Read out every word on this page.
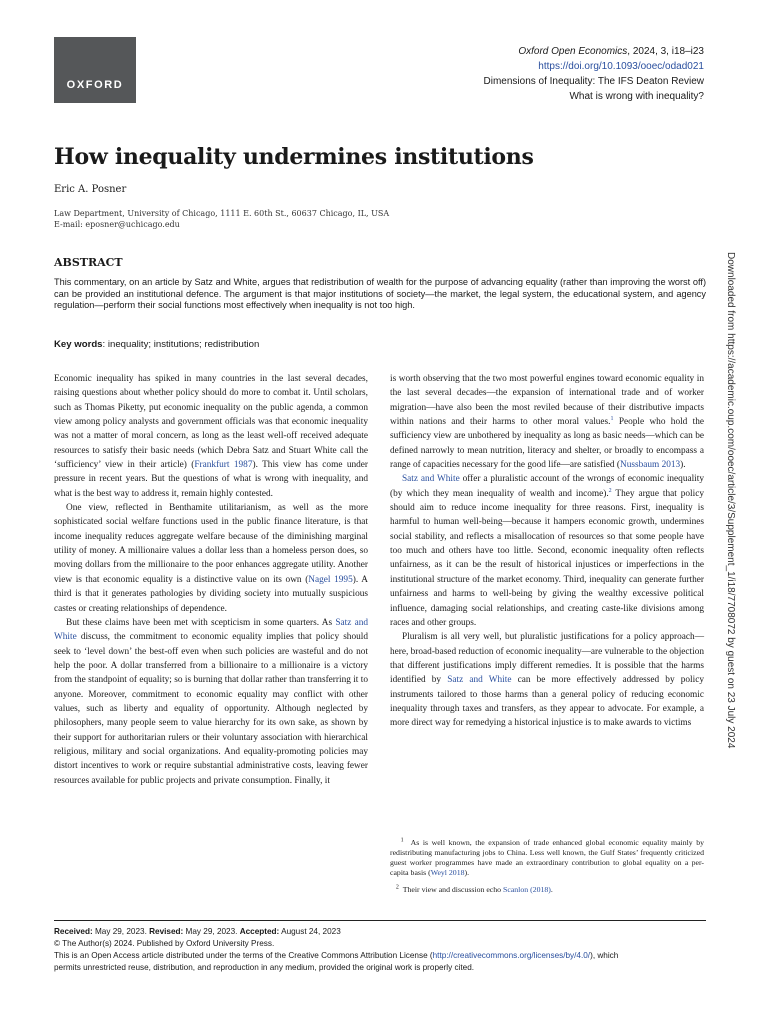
OXFORD
Oxford Open Economics, 2024, 3, i18–i23
https://doi.org/10.1093/ooec/odad021
Dimensions of Inequality: The IFS Deaton Review
What is wrong with inequality?
How inequality undermines institutions
Eric A. Posner
Law Department, University of Chicago, 1111 E. 60th St., 60637 Chicago, IL, USA
E-mail: eposner@uchicago.edu
ABSTRACT

This commentary, on an article by Satz and White, argues that redistribution of wealth for the purpose of advancing equality (rather than improving the worst off) can be provided an institutional defence. The argument is that major institutions of society—the market, the legal system, the educational system, and agency regulation—perform their social functions most effectively when inequality is not too high.

Key words: inequality; institutions; redistribution

Economic inequality has spiked in many countries in the last several decades, raising questions about whether policy should do more to combat it. Until scholars, such as Thomas Piketty, put economic inequality on the public agenda, a common view among policy analysts and government officials was that economic inequality was not a matter of moral concern, as long as the least well-off received adequate resources to satisfy their basic needs (which Debra Satz and Stuart White call the ‘sufficiency’ view in their article) (Frankfurt 1987). This view has come under pressure in recent years. But the questions of what is wrong with inequality, and what is the best way to address it, remain highly contested.

One view, reflected in Benthamite utilitarianism, as well as the more sophisticated social welfare functions used in the public finance literature, is that income inequality reduces aggregate welfare because of the diminishing marginal utility of money. A millionaire values a dollar less than a homeless person does, so moving dollars from the millionaire to the poor enhances aggregate utility. Another view is that economic equality is a distinctive value on its own (Nagel 1995). A third is that it generates pathologies by dividing society into mutually suspicious castes or creating relationships of dependence.

But these claims have been met with scepticism in some quarters. As Satz and White discuss, the commitment to economic equality implies that policy should seek to ‘level down’ the best-off even when such policies are wasteful and do not help the poor. A dollar transferred from a billionaire to a millionaire is a victory from the standpoint of equality; so is burning that dollar rather than transferring it to anyone. Moreover, commitment to economic equality may conflict with other values, such as liberty and equality of opportunity. Although neglected by philosophers, many people seem to value hierarchy for its own sake, as shown by their support for authoritarian rulers or their voluntary association with hierarchical religious, military and social organizations. And equality-promoting policies may distort incentives to work or require substantial administrative costs, leaving fewer resources available for public projects and private consumption. Finally, it

is worth observing that the two most powerful engines toward economic equality in the last several decades—the expansion of international trade and of worker migration—have also been the most reviled because of their distributive impacts within nations and their harms to other moral values.$^1$ People who hold the sufficiency view are unbothered by inequality as long as basic needs—which can be defined narrowly to mean nutrition, literacy and shelter, or broadly to encompass a range of capacities necessary for the good life—are satisfied (Nussbaum 2013).

Satz and White offer a pluralistic account of the wrongs of economic inequality (by which they mean inequality of wealth and income).$^2$ They argue that policy should aim to reduce income inequality for three reasons. First, inequality is harmful to human well-being—because it hampers economic growth, undermines social stability, and reflects a misallocation of resources so that some people have too much and others have too little. Second, economic inequality often reflects unfairness, as it can be the result of historical injustices or imperfections in the institutional structure of the market economy. Third, inequality can generate further unfairness and harms to well-being by giving the wealthy excessive political influence, damaging social relationships, and creating caste-like divisions among races and other groups.

Pluralism is all very well, but pluralistic justifications for a policy approach—here, broad-based reduction of economic inequality—are vulnerable to the objection that different justifications imply different remedies. It is possible that the harms identified by Satz and White can be more effectively addressed by policy instruments tailored to those harms than a general policy of reducing economic inequality through taxes and transfers, as they appear to advocate. For example, a more direct way for remedying a historical injustice is to make awards to victims

$^1$ As is well known, the expansion of trade enhanced global economic equality mainly by redistributing manufacturing jobs to China. Less well known, the Gulf States’ frequently criticized guest worker programmes have made an extraordinary contribution to global equality on a per-capita basis (Weyl 2018).

$^2$ Their view and discussion echo Scanlon (2018).

Received: May 29, 2023. Revised: May 29, 2023. Accepted: August 24, 2023

© The Author(s) 2024. Published by Oxford University Press.

This is an Open Access article distributed under the terms of the Creative Commons Attribution License (http://creativecommons.org/licenses/by/4.0/), which

permits unrestricted reuse, distribution, and reproduction in any medium, provided the original work is properly cited.

Downloaded from https://academic.oup.com/ooec/article/3/Supplement_1/i18/7708072 by guest on 23 July 2024
